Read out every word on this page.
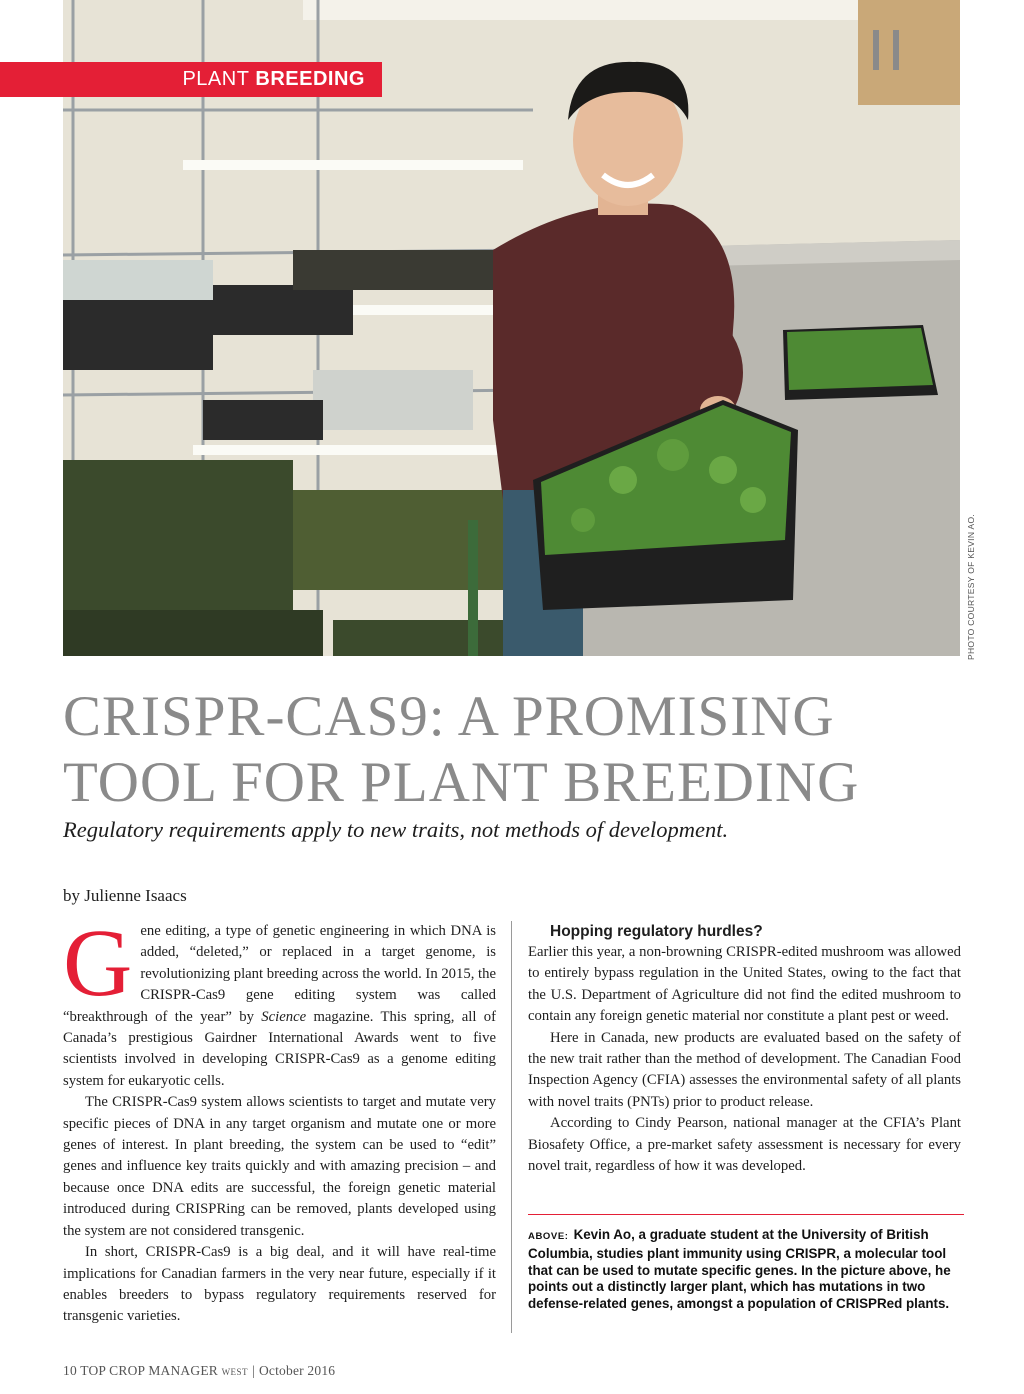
PLANT BREEDING
PHOTO COURTESY OF KEVIN AO.
CRISPR-CAS9: A PROMISING TOOL FOR PLANT BREEDING

Regulatory requirements apply to new traits, not methods of development.

by Julienne Isaacs

Gene editing, a type of genetic engineering in which DNA is added, “deleted,” or replaced in a target genome, is revolutionizing plant breeding across the world. In 2015, the CRISPR-Cas9 gene editing system was called “breakthrough of the year” by Science magazine. This spring, all of Canada’s prestigious Gairdner International Awards went to five scientists involved in developing CRISPR-Cas9 as a genome editing system for eukaryotic cells.

The CRISPR-Cas9 system allows scientists to target and mutate very specific pieces of DNA in any target organism and mutate one or more genes of interest. In plant breeding, the system can be used to “edit” genes and influence key traits quickly and with amazing precision – and because once DNA edits are successful, the foreign genetic material introduced during CRISPRing can be removed, plants developed using the system are not considered transgenic.

In short, CRISPR-Cas9 is a big deal, and it will have real-time implications for Canadian farmers in the very near future, especially if it enables breeders to bypass regulatory requirements reserved for transgenic varieties.

Hopping regulatory hurdles?

Earlier this year, a non-browning CRISPR-edited mushroom was allowed to entirely bypass regulation in the United States, owing to the fact that the U.S. Department of Agriculture did not find the edited mushroom to contain any foreign genetic material nor constitute a plant pest or weed.

Here in Canada, new products are evaluated based on the safety of the new trait rather than the method of development. The Canadian Food Inspection Agency (CFIA) assesses the environmental safety of all plants with novel traits (PNTs) prior to product release.

According to Cindy Pearson, national manager at the CFIA’s Plant Biosafety Office, a pre-market safety assessment is necessary for every novel trait, regardless of how it was developed.

ABOVE: Kevin Ao, a graduate student at the University of British Columbia, studies plant immunity using CRISPR, a molecular tool that can be used to mutate specific genes. In the picture above, he points out a distinctly larger plant, which has mutations in two defense-related genes, amongst a population of CRISPRed plants.
10 TOP CROP MANAGER WEST | October 2016
